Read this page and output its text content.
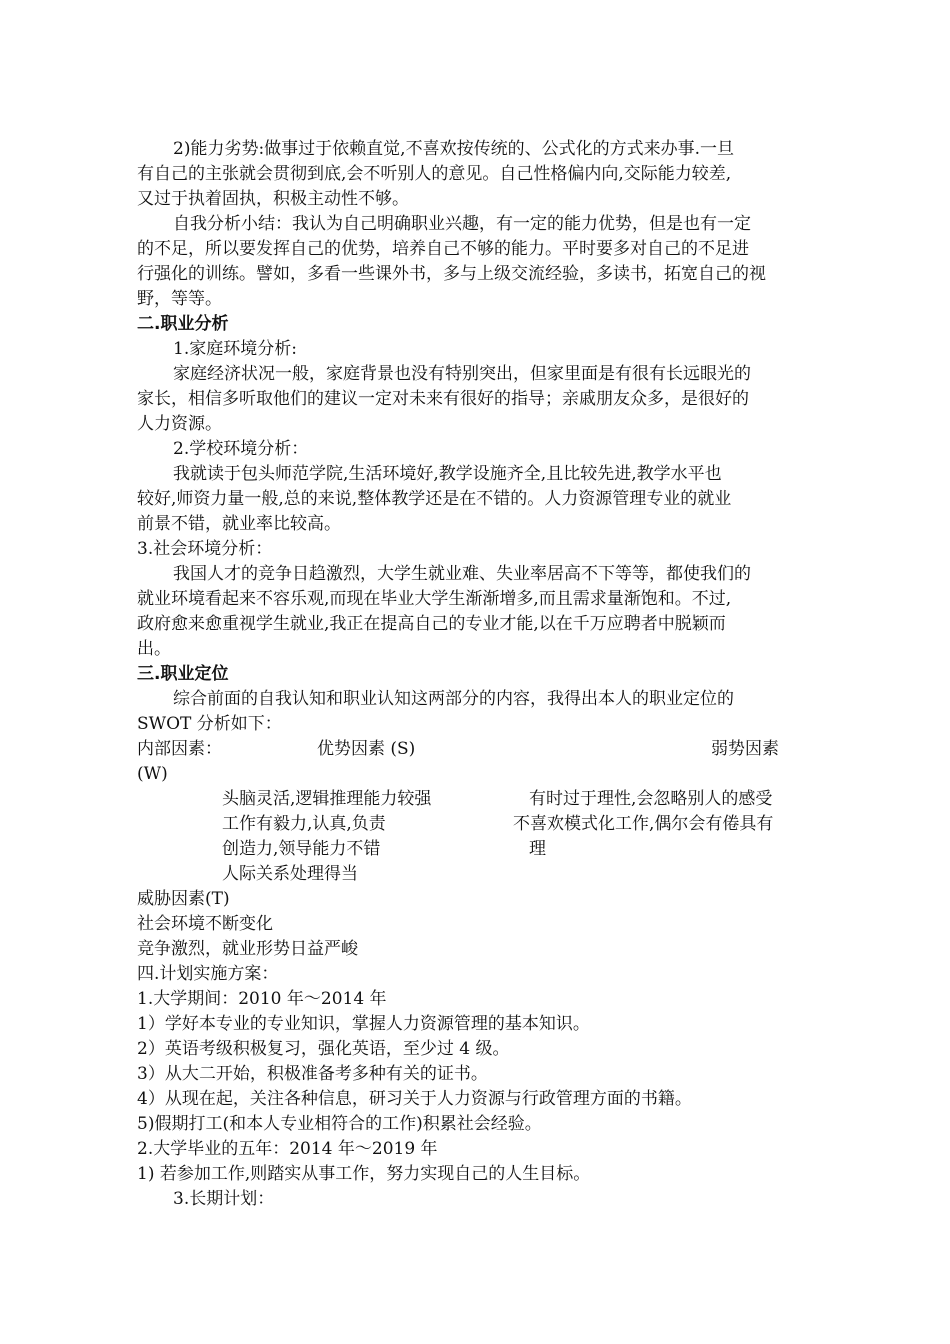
2)能力劣势:做事过于依赖直觉,不喜欢按传统的、公式化的方式来办事.一旦
有自己的主张就会贯彻到底,会不听别人的意见。自己性格偏内向,交际能力较差,
又过于执着固执，积极主动性不够。
自我分析小结：我认为自己明确职业兴趣，有一定的能力优势，但是也有一定
的不足，所以要发挥自己的优势，培养自己不够的能力。平时要多对自己的不足进
行强化的训练。譬如，多看一些课外书，多与上级交流经验，多读书，拓宽自己的视
野，等等。
二.职业分析
1.家庭环境分析:
家庭经济状况一般，家庭背景也没有特别突出，但家里面是有很有长远眼光的
家长，相信多听取他们的建议一定对未来有很好的指导；亲戚朋友众多，是很好的
人力资源。
2.学校环境分析：
我就读于包头师范学院,生活环境好,教学设施齐全,且比较先进,教学水平也
较好,师资力量一般,总的来说,整体教学还是在不错的。人力资源管理专业的就业
前景不错，就业率比较高。
3.社会环境分析：
我国人才的竞争日趋激烈，大学生就业难、失业率居高不下等等，都使我们的
就业环境看起来不容乐观,而现在毕业大学生渐渐增多,而且需求量渐饱和。不过,
政府愈来愈重视学生就业,我正在提高自己的专业才能,以在千万应聘者中脱颖而
出。
三.职业定位
综合前面的自我认知和职业认知这两部分的内容，我得出本人的职业定位的
SWOT 分析如下：
内部因素：	优势因素 (S)	弱势因素
(W)
头脑灵活,逻辑推理能力较强
工作有毅力,认真,负责
创造力,领导能力不错
人际关系处理得当
有时过于理性,会忽略别人的感受
不喜欢模式化工作,偶尔会有倦具有
理
威胁因素(T)
社会环境不断变化
竞争激烈，就业形势日益严峻
四.计划实施方案：
1.大学期间：2010 年～2014 年
1）学好本专业的专业知识，掌握人力资源管理的基本知识。
2）英语考级积极复习，强化英语，至少过 4 级。
3）从大二开始，积极准备考多种有关的证书。
4）从现在起，关注各种信息，研习关于人力资源与行政管理方面的书籍。
5)假期打工(和本人专业相符合的工作)积累社会经验。
2.大学毕业的五年：2014 年～2019 年
1) 若参加工作,则踏实从事工作，努力实现自己的人生目标。
3.长期计划：
